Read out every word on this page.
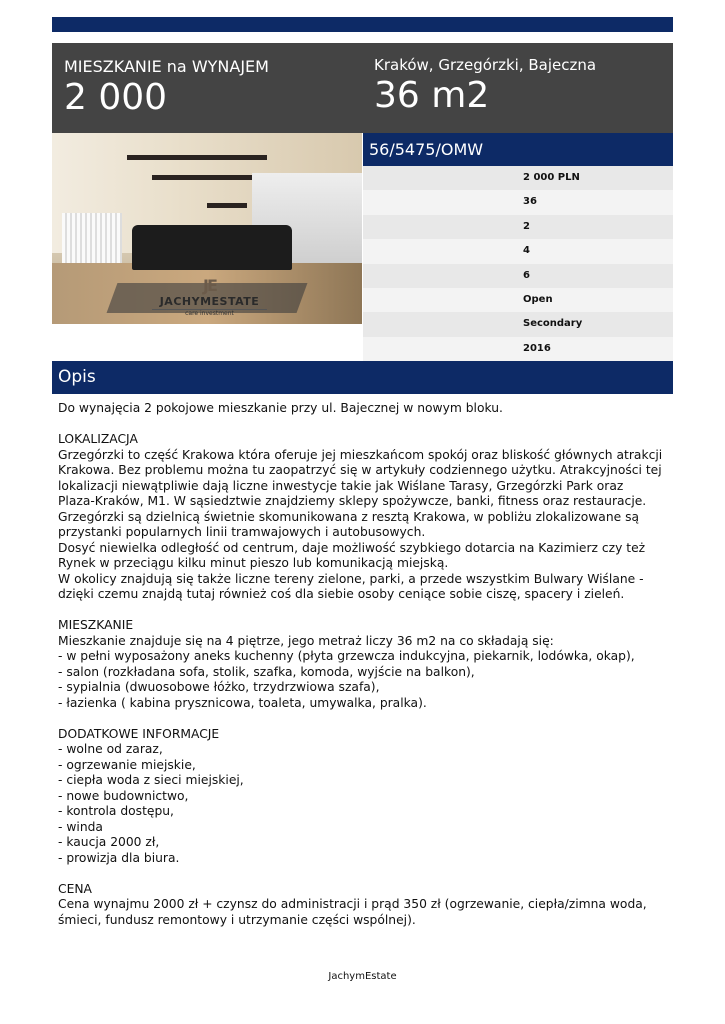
MIESZKANIE na WYNAJEM
2 000
Kraków, Grzegórzki, Bajeczna
36 m2
JE
JACHYMESTATE
care investment
56/5475/OMW
2 000 PLN
36
2
4
6
Open
Secondary
2016
Opis
Do wynajęcia 2 pokojowe mieszkanie przy ul. Bajecznej w nowym bloku.
LOKALIZACJA
Grzegórzki to część Krakowa która oferuje jej mieszkańcom spokój oraz bliskość głównych atrakcji
Krakowa. Bez problemu można tu zaopatrzyć się w artykuły codziennego użytku. Atrakcyjności tej
lokalizacji niewątpliwie dają liczne inwestycje takie jak Wiślane Tarasy, Grzegórzki Park oraz
Plaza-Kraków, M1. W sąsiedztwie znajdziemy sklepy spożywcze, banki, fitness oraz restauracje.
Grzegórzki są dzielnicą świetnie skomunikowana z resztą Krakowa, w pobliżu zlokalizowane są
przystanki popularnych linii tramwajowych i autobusowych.
Dosyć niewielka odległość od centrum, daje możliwość szybkiego dotarcia na Kazimierz czy też
Rynek w przeciągu kilku minut pieszo lub komunikacją miejską.
W okolicy znajdują się także liczne tereny zielone, parki, a przede wszystkim Bulwary Wiślane -
dzięki czemu znajdą tutaj również coś dla siebie osoby ceniące sobie ciszę, spacery i zieleń.
MIESZKANIE
Mieszkanie znajduje się na 4 piętrze, jego metraż liczy 36 m2 na co składają się:
- w pełni wyposażony aneks kuchenny (płyta grzewcza indukcyjna, piekarnik, lodówka, okap),
- salon (rozkładana sofa, stolik, szafka, komoda, wyjście na balkon),
- sypialnia (dwuosobowe łóżko, trzydrzwiowa szafa),
- łazienka ( kabina prysznicowa, toaleta, umywalka, pralka).
DODATKOWE INFORMACJE
- wolne od zaraz,
- ogrzewanie miejskie,
- ciepła woda z sieci miejskiej,
- nowe budownictwo,
- kontrola dostępu,
- winda
- kaucja 2000 zł,
- prowizja dla biura.
CENA
Cena wynajmu 2000 zł + czynsz do administracji i prąd 350 zł (ogrzewanie, ciepła/zimna woda,
śmieci, fundusz remontowy i utrzymanie części wspólnej).
JachymEstate
